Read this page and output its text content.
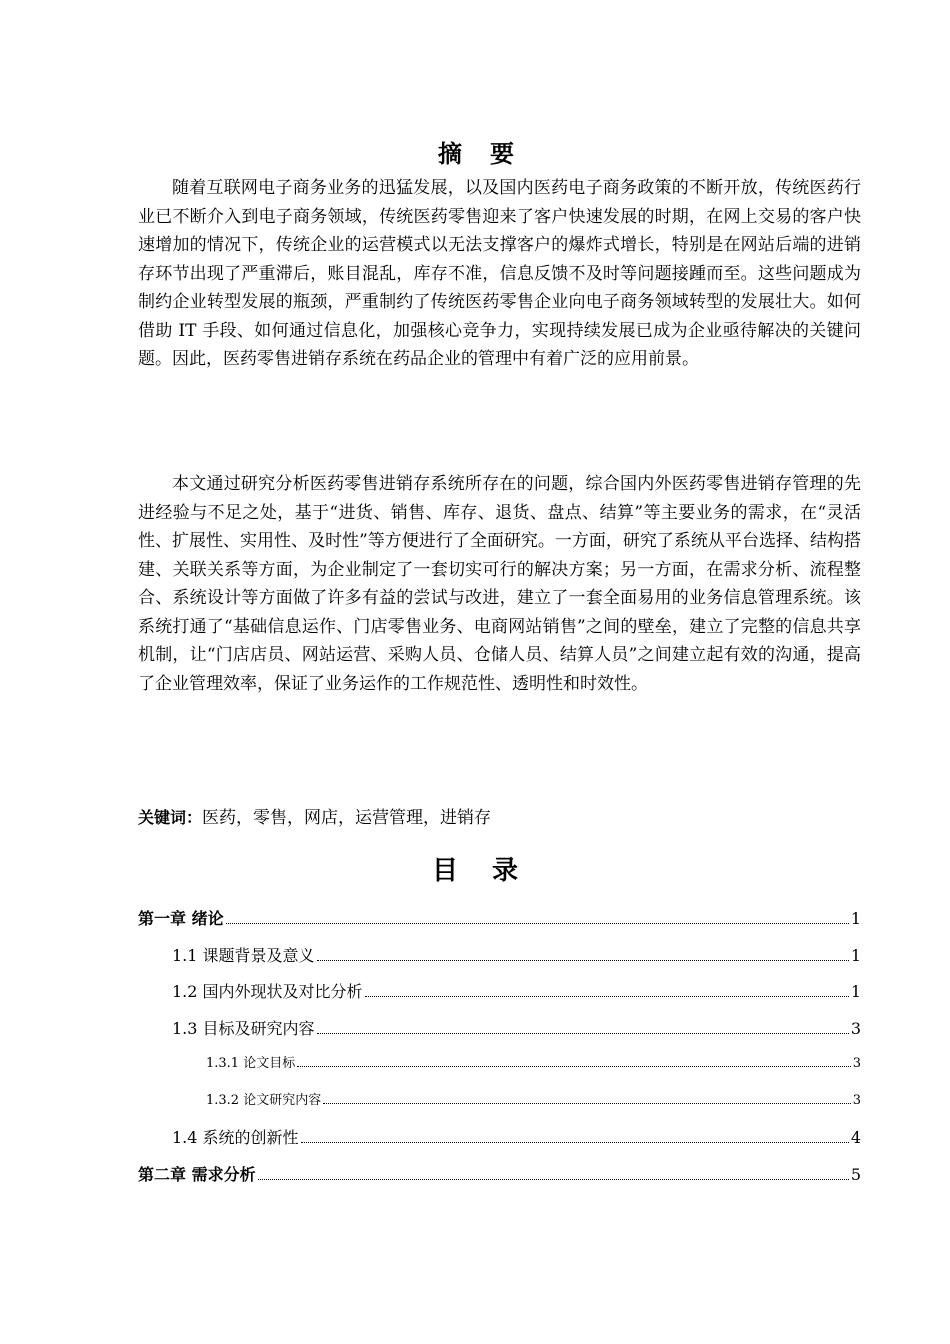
摘要

随着互联网电子商务业务的迅猛发展，以及国内医药电子商务政策的不断开放，传统医药行业已不断介入到电子商务领域，传统医药零售迎来了客户快速发展的时期，在网上交易的客户快速增加的情况下，传统企业的运营模式以无法支撑客户的爆炸式增长，特别是在网站后端的进销存环节出现了严重滞后，账目混乱，库存不准，信息反馈不及时等问题接踵而至。这些问题成为制约企业转型发展的瓶颈，严重制约了传统医药零售企业向电子商务领域转型的发展壮大。如何借助 IT 手段、如何通过信息化，加强核心竞争力，实现持续发展已成为企业亟待解决的关键问题。因此，医药零售进销存系统在药品企业的管理中有着广泛的应用前景。

本文通过研究分析医药零售进销存系统所存在的问题，综合国内外医药零售进销存管理的先进经验与不足之处，基于“进货、销售、库存、退货、盘点、结算”等主要业务的需求，在“灵活性、扩展性、实用性、及时性”等方便进行了全面研究。一方面，研究了系统从平台选择、结构搭建、关联关系等方面，为企业制定了一套切实可行的解决方案；另一方面，在需求分析、流程整合、系统设计等方面做了许多有益的尝试与改进，建立了一套全面易用的业务信息管理系统。该系统打通了“基础信息运作、门店零售业务、电商网站销售”之间的壁垒，建立了完整的信息共享机制，让“门店店员、网站运营、采购人员、仓储人员、结算人员”之间建立起有效的沟通，提高了企业管理效率，保证了业务运作的工作规范性、透明性和时效性。

关键词：医药，零售，网店，运营管理，进销存
目录
第一章 绪论	1
1.1 课题背景及意义	1
1.2 国内外现状及对比分析	1
1.3 目标及研究内容	3
1.3.1 论文目标	3
1.3.2 论文研究内容	3
1.4 系统的创新性	4
第二章 需求分析	5
